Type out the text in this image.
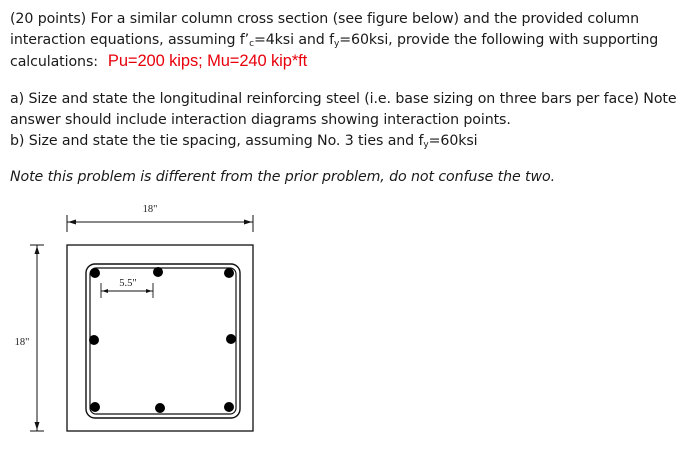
(20 points) For a similar column cross section (see figure below) and the provided column
interaction equations, assuming $f’_c=4ksi$ and $f_y=60ksi$, provide the following with supporting
calculations: Pu=200 kips; Mu=240 kip*ft
a) Size and state the longitudinal reinforcing steel (i.e. base sizing on three bars per face) Note
answer should include interaction diagrams showing interaction points.
b) Size and state the tie spacing, assuming No. 3 ties and $f_y=60ksi$
Note this problem is different from the prior problem, do not confuse the two.
18"
18"
5.5"
